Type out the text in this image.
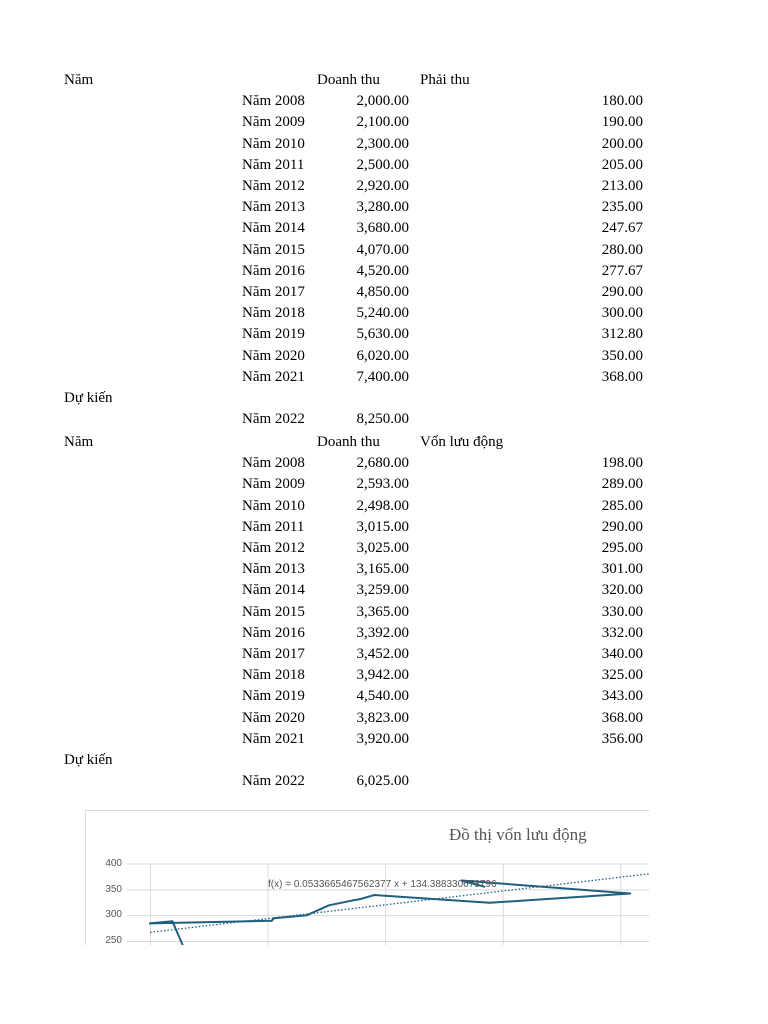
Năm	Doanh thu	Phải thu
Năm 2008	2,000.00	180.00
Năm 2009	2,100.00	190.00
Năm 2010	2,300.00	200.00
Năm 2011	2,500.00	205.00
Năm 2012	2,920.00	213.00
Năm 2013	3,280.00	235.00
Năm 2014	3,680.00	247.67
Năm 2015	4,070.00	280.00
Năm 2016	4,520.00	277.67
Năm 2017	4,850.00	290.00
Năm 2018	5,240.00	300.00
Năm 2019	5,630.00	312.80
Năm 2020	6,020.00	350.00
Năm 2021	7,400.00	368.00
Dự kiến
Năm 2022	8,250.00
Năm	Doanh thu	Vốn lưu động
Năm 2008	2,680.00	198.00
Năm 2009	2,593.00	289.00
Năm 2010	2,498.00	285.00
Năm 2011	3,015.00	290.00
Năm 2012	3,025.00	295.00
Năm 2013	3,165.00	301.00
Năm 2014	3,259.00	320.00
Năm 2015	3,365.00	330.00
Năm 2016	3,392.00	332.00
Năm 2017	3,452.00	340.00
Năm 2018	3,942.00	325.00
Năm 2019	4,540.00	343.00
Năm 2020	3,823.00	368.00
Năm 2021	3,920.00	356.00
Dự kiến
Năm 2022	6,025.00
Đồ thị vốn lưu động
f(x) = 0.0533665467562377 x + 134.388330673796
400
350
300
250
